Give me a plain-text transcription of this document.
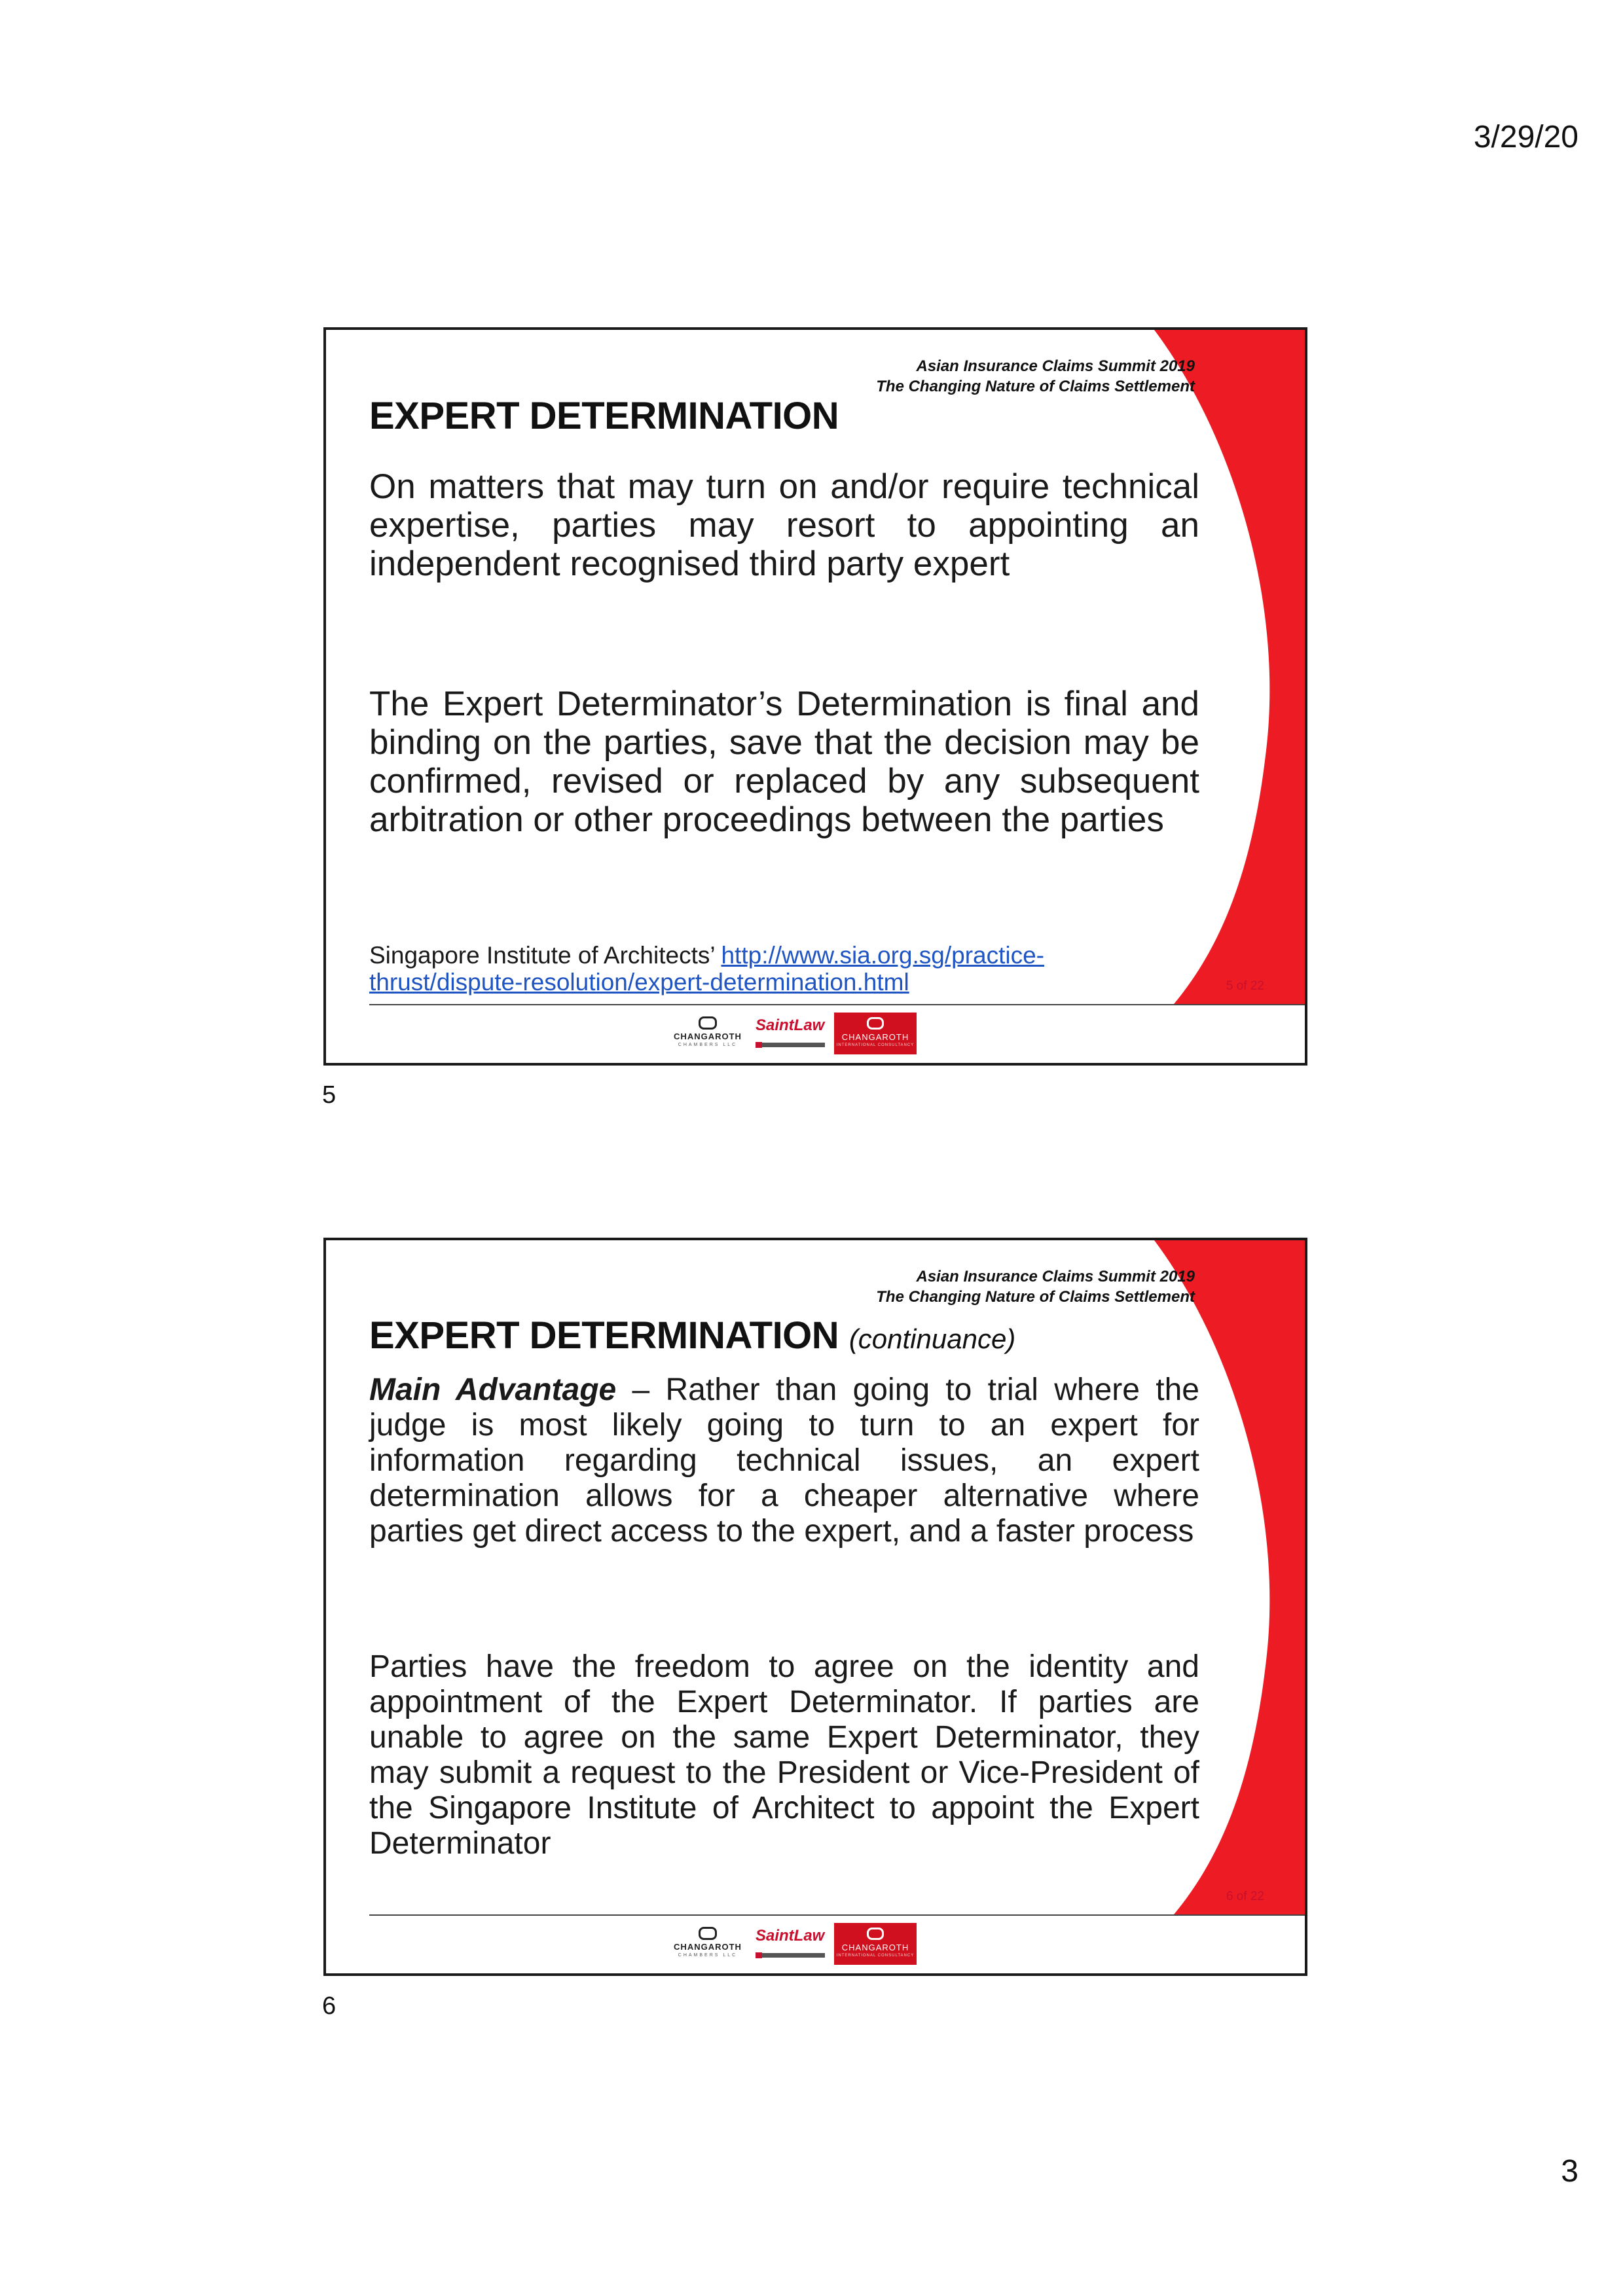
3/29/20
Asian Insurance Claims Summit 2019
The Changing Nature of Claims Settlement
EXPERT DETERMINATION
On matters that may turn on and/or require technical expertise, parties may resort to appointing an independent recognised third party expert
The Expert Determinator’s Determination is final and binding on the parties, save that the decision may be confirmed, revised or replaced by any subsequent arbitration or other proceedings between the parties
Singapore Institute of Architects’ http://www.sia.org.sg/practice-thrust/dispute-resolution/expert-determination.html	5 of 22
CHANGAROTH
CHAMBERS LLC
SaintLaw
CHANGAROTH
INTERNATIONAL CONSULTANCY
5
Asian Insurance Claims Summit 2019
The Changing Nature of Claims Settlement
EXPERT DETERMINATION (continuance)
Main Advantage – Rather than going to trial where the judge is most likely going to turn to an expert for information regarding technical issues, an expert determination allows for a cheaper alternative where parties get direct access to the expert, and a faster process
Parties have the freedom to agree on the identity and appointment of the Expert Determinator. If parties are unable to agree on the same Expert Determinator, they may submit a request to the President or Vice-President of the Singapore Institute of Architect to appoint the Expert Determinator
6 of 22
CHANGAROTH
CHAMBERS LLC
SaintLaw
CHANGAROTH
INTERNATIONAL CONSULTANCY
6
3
